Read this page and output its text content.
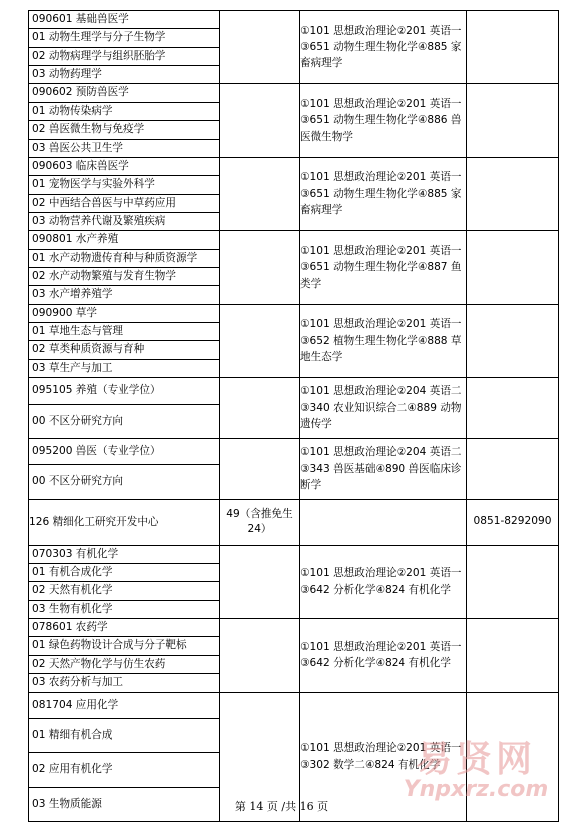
090601 基础兽医学
01 动物生理学与分子生物学
02 动物病理学与组织胚胎学
03 动物药理学		①101 思想政治理论②201 英语一③651 动物生理生物化学④885 家畜病理学	

090602 预防兽医学
01 动物传染病学
02 兽医微生物与免疫学
03 兽医公共卫生学		①101 思想政治理论②201 英语一③651 动物生理生物化学④886 兽医微生物学	

090603 临床兽医学
01 宠物医学与实验外科学
02 中西结合兽医与中草药应用
03 动物营养代谢及繁殖疾病		①101 思想政治理论②201 英语一③651 动物生理生物化学④885 家畜病理学	

090801 水产养殖
01 水产动物遗传育种与种质资源学
02 水产动物繁殖与发育生物学
03 水产增养殖学		①101 思想政治理论②201 英语一③651 动物生理生物化学④887 鱼类学	

090900 草学
01 草地生态与管理
02 草类种质资源与育种
03 草生产与加工		①101 思想政治理论②201 英语一③652 植物生理生物化学④888 草地生态学	

095105 养殖（专业学位）
00 不区分研究方向		①101 思想政治理论②204 英语二③340 农业知识综合二④889 动物遗传学	

095200 兽医（专业学位）
00 不区分研究方向		①101 思想政治理论②204 英语二③343 兽医基础④890 兽医临床诊断学	
126 精细化工研究开发中心	49（含推免生 24）		0851-8292090

070303 有机化学
01 有机合成化学
02 天然有机化学
03 生物有机化学		①101 思想政治理论②201 英语一③642 分析化学④824 有机化学	

078601 农药学
01 绿色药物设计合成与分子靶标
02 天然产物化学与仿生农药
03 农药分析与加工		①101 思想政治理论②201 英语一③642 分析化学④824 有机化学	

081704 应用化学
01 精细有机合成
02 应用有机化学
03 生物质能源		①101 思想政治理论②201 英语一③302 数学二④824 有机化学	
第 14 页 /共 16 页
易贤网
Ynpxrz.com
